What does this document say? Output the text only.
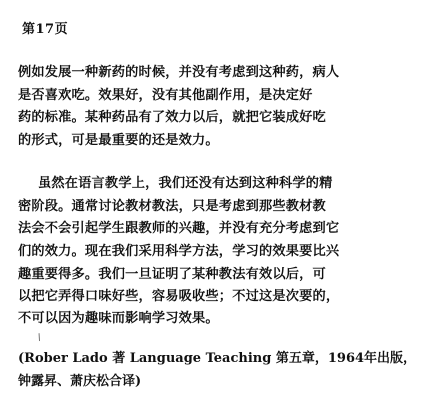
第17页
例如发展一种新药的时候，并没有考虑到这种药，病人
是否喜欢吃。效果好，没有其他副作用，是决定好
药的标准。某种药品有了效力以后，就把它装成好吃
的形式，可是最重要的还是效力。
虽然在语言教学上，我们还没有达到这种科学的精
密阶段。通常讨论教材教法，只是考虑到那些教材教
法会不会引起学生跟教师的兴趣，并没有充分考虑到它
们的效力。现在我们采用科学方法，学习的效果要比兴
趣重要得多。我们一旦证明了某种教法有效以后，可
以把它弄得口味好些，容易吸收些；不过这是次要的，
不可以因为趣味而影响学习效果。
/
(Rober Lado 著 Language Teaching 第五章，1964年出版，
钟露昇、萧庆松合译)
